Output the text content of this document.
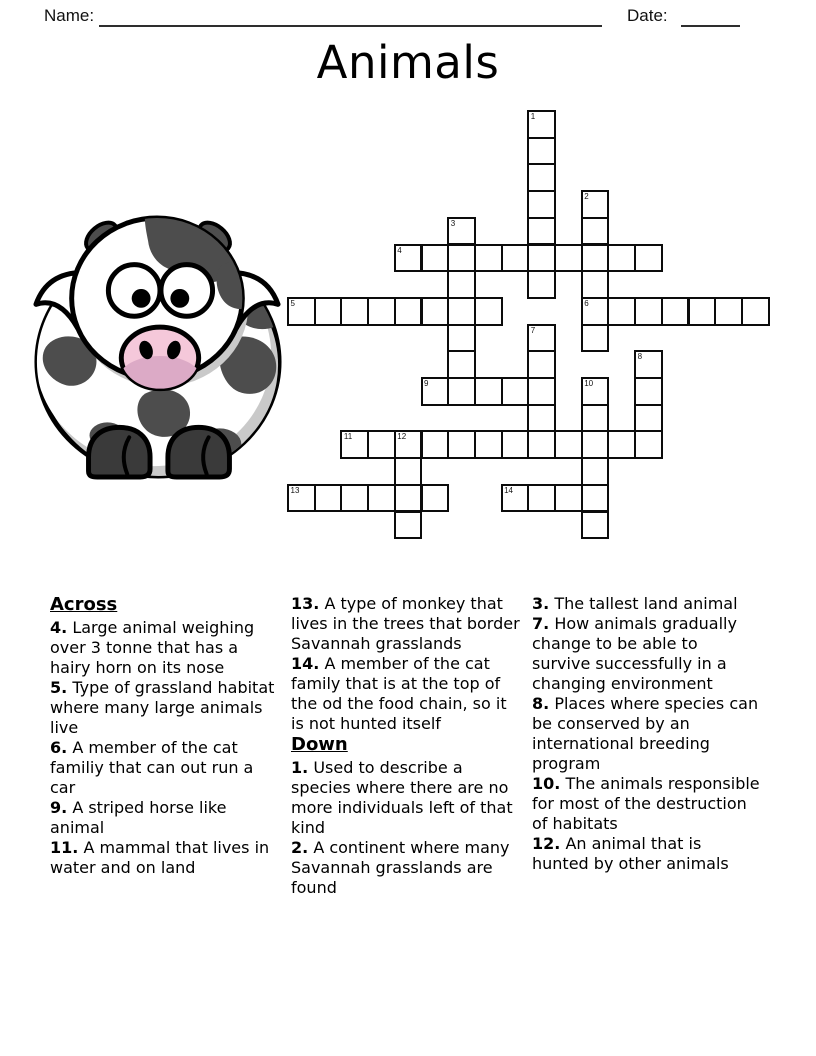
Name:	Date:
Animals
1
2
3
4
5	6
7
8
9	10
11	12
13	14

Across

4. Large animal weighing over 3 tonne that has a hairy horn on its nose

5. Type of grassland habitat where many large animals live

6. A member of the cat familiy that can out run a car

9. A striped horse like animal

11. A mammal that lives in water and on land

13. A type of monkey that lives in the trees that border Savannah grasslands

14. A member of the cat family that is at the top of the od the food chain, so it is not hunted itself

Down

1. Used to describe a species where there are no more individuals left of that kind

2. A continent where many Savannah grasslands are found

3. The tallest land animal

7. How animals gradually change to be able to survive successfully in a changing environment

8. Places where species can be conserved by an international breeding program

10. The animals responsible for most of the destruction of habitats

12. An animal that is hunted by other animals
